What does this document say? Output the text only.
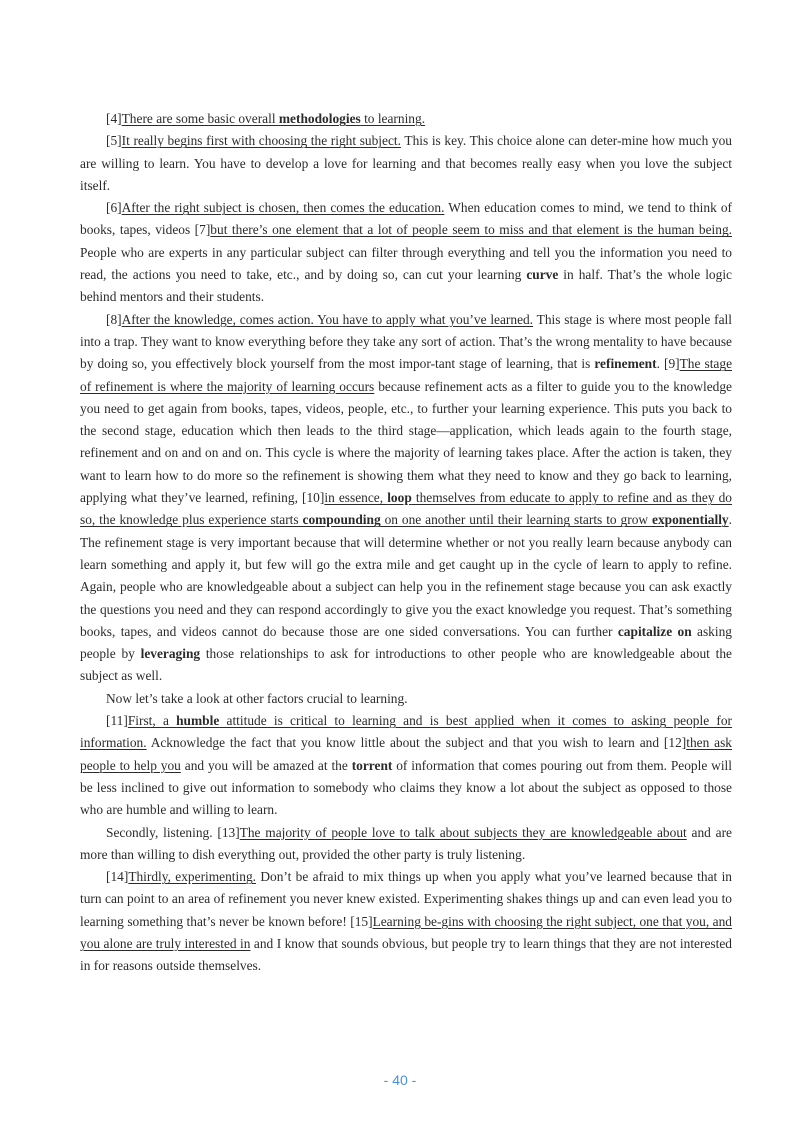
[4]There are some basic overall methodologies to learning.

[5]It really begins first with choosing the right subject. This is key. This choice alone can deter-mine how much you are willing to learn. You have to develop a love for learning and that becomes really easy when you love the subject itself.

[6]After the right subject is chosen, then comes the education. When education comes to mind, we tend to think of books, tapes, videos [7]but there’s one element that a lot of people seem to miss and that element is the human being. People who are experts in any particular subject can filter through everything and tell you the information you need to read, the actions you need to take, etc., and by doing so, can cut your learning curve in half. That’s the whole logic behind mentors and their students.

[8]After the knowledge, comes action. You have to apply what you’ve learned. This stage is where most people fall into a trap. They want to know everything before they take any sort of action. That’s the wrong mentality to have because by doing so, you effectively block yourself from the most impor-tant stage of learning, that is refinement. [9]The stage of refinement is where the majority of learning occurs because refinement acts as a filter to guide you to the knowledge you need to get again from books, tapes, videos, people, etc., to further your learning experience. This puts you back to the second stage, education which then leads to the third stage—application, which leads again to the fourth stage, refinement and on and on and on. This cycle is where the majority of learning takes place. After the action is taken, they want to learn how to do more so the refinement is showing them what they need to know and they go back to learning, applying what they’ve learned, refining, [10]in essence, loop themselves from educate to apply to refine and as they do so, the knowledge plus experience starts compounding on one another until their learning starts to grow exponentially. The refinement stage is very important because that will determine whether or not you really learn because anybody can learn something and apply it, but few will go the extra mile and get caught up in the cycle of learn to apply to refine. Again, people who are knowledgeable about a subject can help you in the refinement stage because you can ask exactly the questions you need and they can respond accordingly to give you the exact knowledge you request. That’s something books, tapes, and videos cannot do because those are one sided conversations. You can further capitalize on asking people by leveraging those relationships to ask for introductions to other people who are knowledgeable about the subject as well.

Now let’s take a look at other factors crucial to learning.

[11]First, a humble attitude is critical to learning and is best applied when it comes to asking people for information. Acknowledge the fact that you know little about the subject and that you wish to learn and [12]then ask people to help you and you will be amazed at the torrent of information that comes pouring out from them. People will be less inclined to give out information to somebody who claims they know a lot about the subject as opposed to those who are humble and willing to learn.

Secondly, listening. [13]The majority of people love to talk about subjects they are knowledgeable about and are more than willing to dish everything out, provided the other party is truly listening.

[14]Thirdly, experimenting. Don’t be afraid to mix things up when you apply what you’ve learned because that in turn can point to an area of refinement you never knew existed. Experimenting shakes things up and can even lead you to learning something that’s never be known before! [15]Learning be-gins with choosing the right subject, one that you, and you alone are truly interested in and I know that sounds obvious, but people try to learn things that they are not interested in for reasons outside themselves.

- 40 -
